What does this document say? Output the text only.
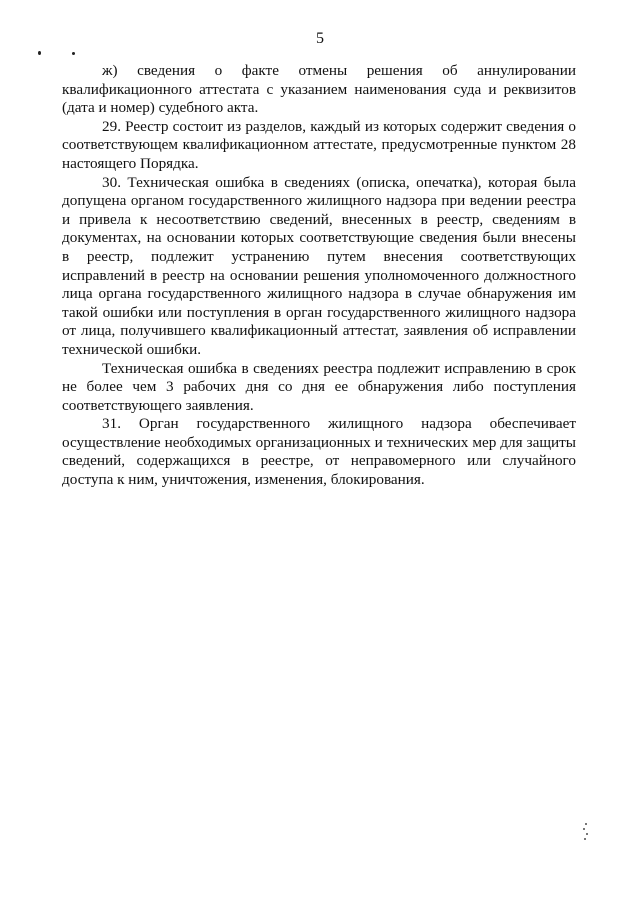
5

ж) сведения о факте отмены решения об аннулировании квалификационного аттестата с указанием наименования суда и реквизитов (дата и номер) судебного акта.

29. Реестр состоит из разделов, каждый из которых содержит сведения о соответствующем квалификационном аттестате, предусмотренные пунктом 28 настоящего Порядка.

30. Техническая ошибка в сведениях (описка, опечатка), которая была допущена органом государственного жилищного надзора при ведении реестра и привела к несоответствию сведений, внесенных в реестр, сведениям в документах, на основании которых соответствующие сведения были внесены в реестр, подлежит устранению путем внесения соответствующих исправлений в реестр на основании решения уполномоченного должностного лица органа государственного жилищного надзора в случае обнаружения им такой ошибки или поступления в орган государственного жилищного надзора от лица, получившего квалификационный аттестат, заявления об исправлении технической ошибки.

Техническая ошибка в сведениях реестра подлежит исправлению в срок не более чем 3 рабочих дня со дня ее обнаружения либо поступления соответствующего заявления.

31. Орган государственного жилищного надзора обеспечивает осуществление необходимых организационных и технических мер для защиты сведений, содержащихся в реестре, от неправомерного или случайного доступа к ним, уничтожения, изменения, блокирования.
